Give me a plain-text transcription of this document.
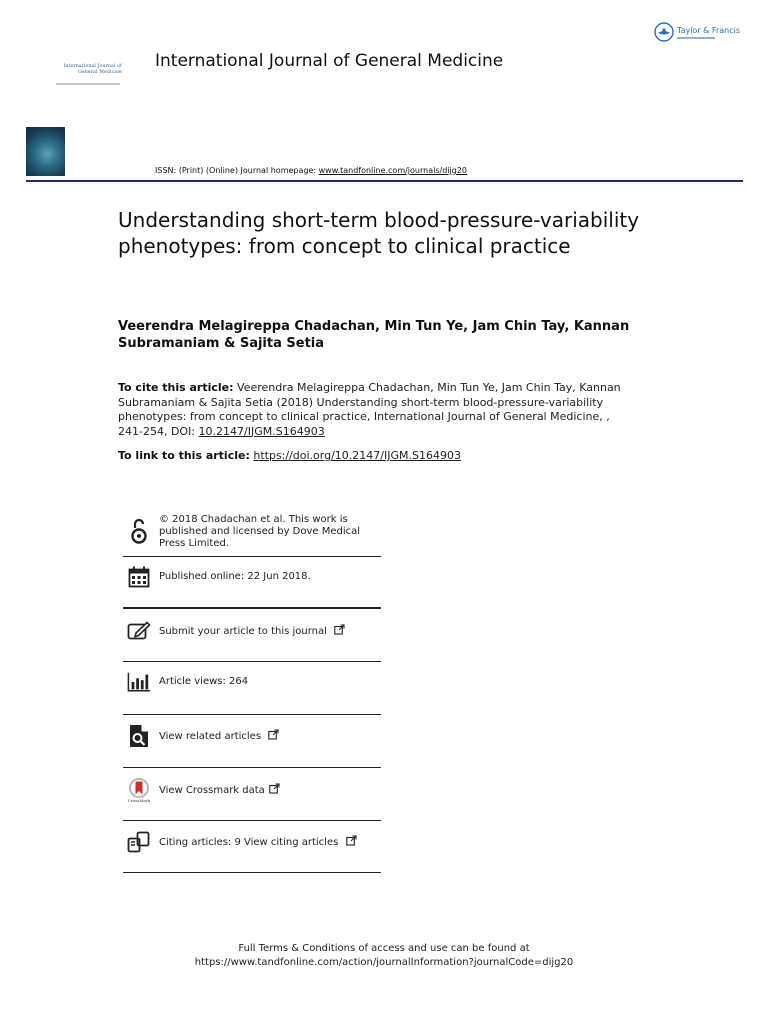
International Journal of
General Medicine
International Journal of General Medicine
Taylor & Francis
ISSN: (Print) (Online) Journal homepage: www.tandfonline.com/journals/dijg20
Understanding short-term blood-pressure-variability phenotypes: from concept to clinical practice
Veerendra Melagireppa Chadachan, Min Tun Ye, Jam Chin Tay, Kannan Subramaniam & Sajita Setia
To cite this article: Veerendra Melagireppa Chadachan, Min Tun Ye, Jam Chin Tay, Kannan Subramaniam & Sajita Setia (2018) Understanding short-term blood-pressure-variability phenotypes: from concept to clinical practice, International Journal of General Medicine, , 241-254, DOI: 10.2147/IJGM.S164903
To link to this article: https://doi.org/10.2147/IJGM.S164903
© 2018 Chadachan et al. This work is published and licensed by Dove Medical Press Limited.
Published online: 22 Jun 2018.
Submit your article to this journal
Article views: 264
View related articles
CrossMark
View Crossmark data
Citing articles: 9 View citing articles
Full Terms & Conditions of access and use can be found at
https://www.tandfonline.com/action/journalInformation?journalCode=dijg20
